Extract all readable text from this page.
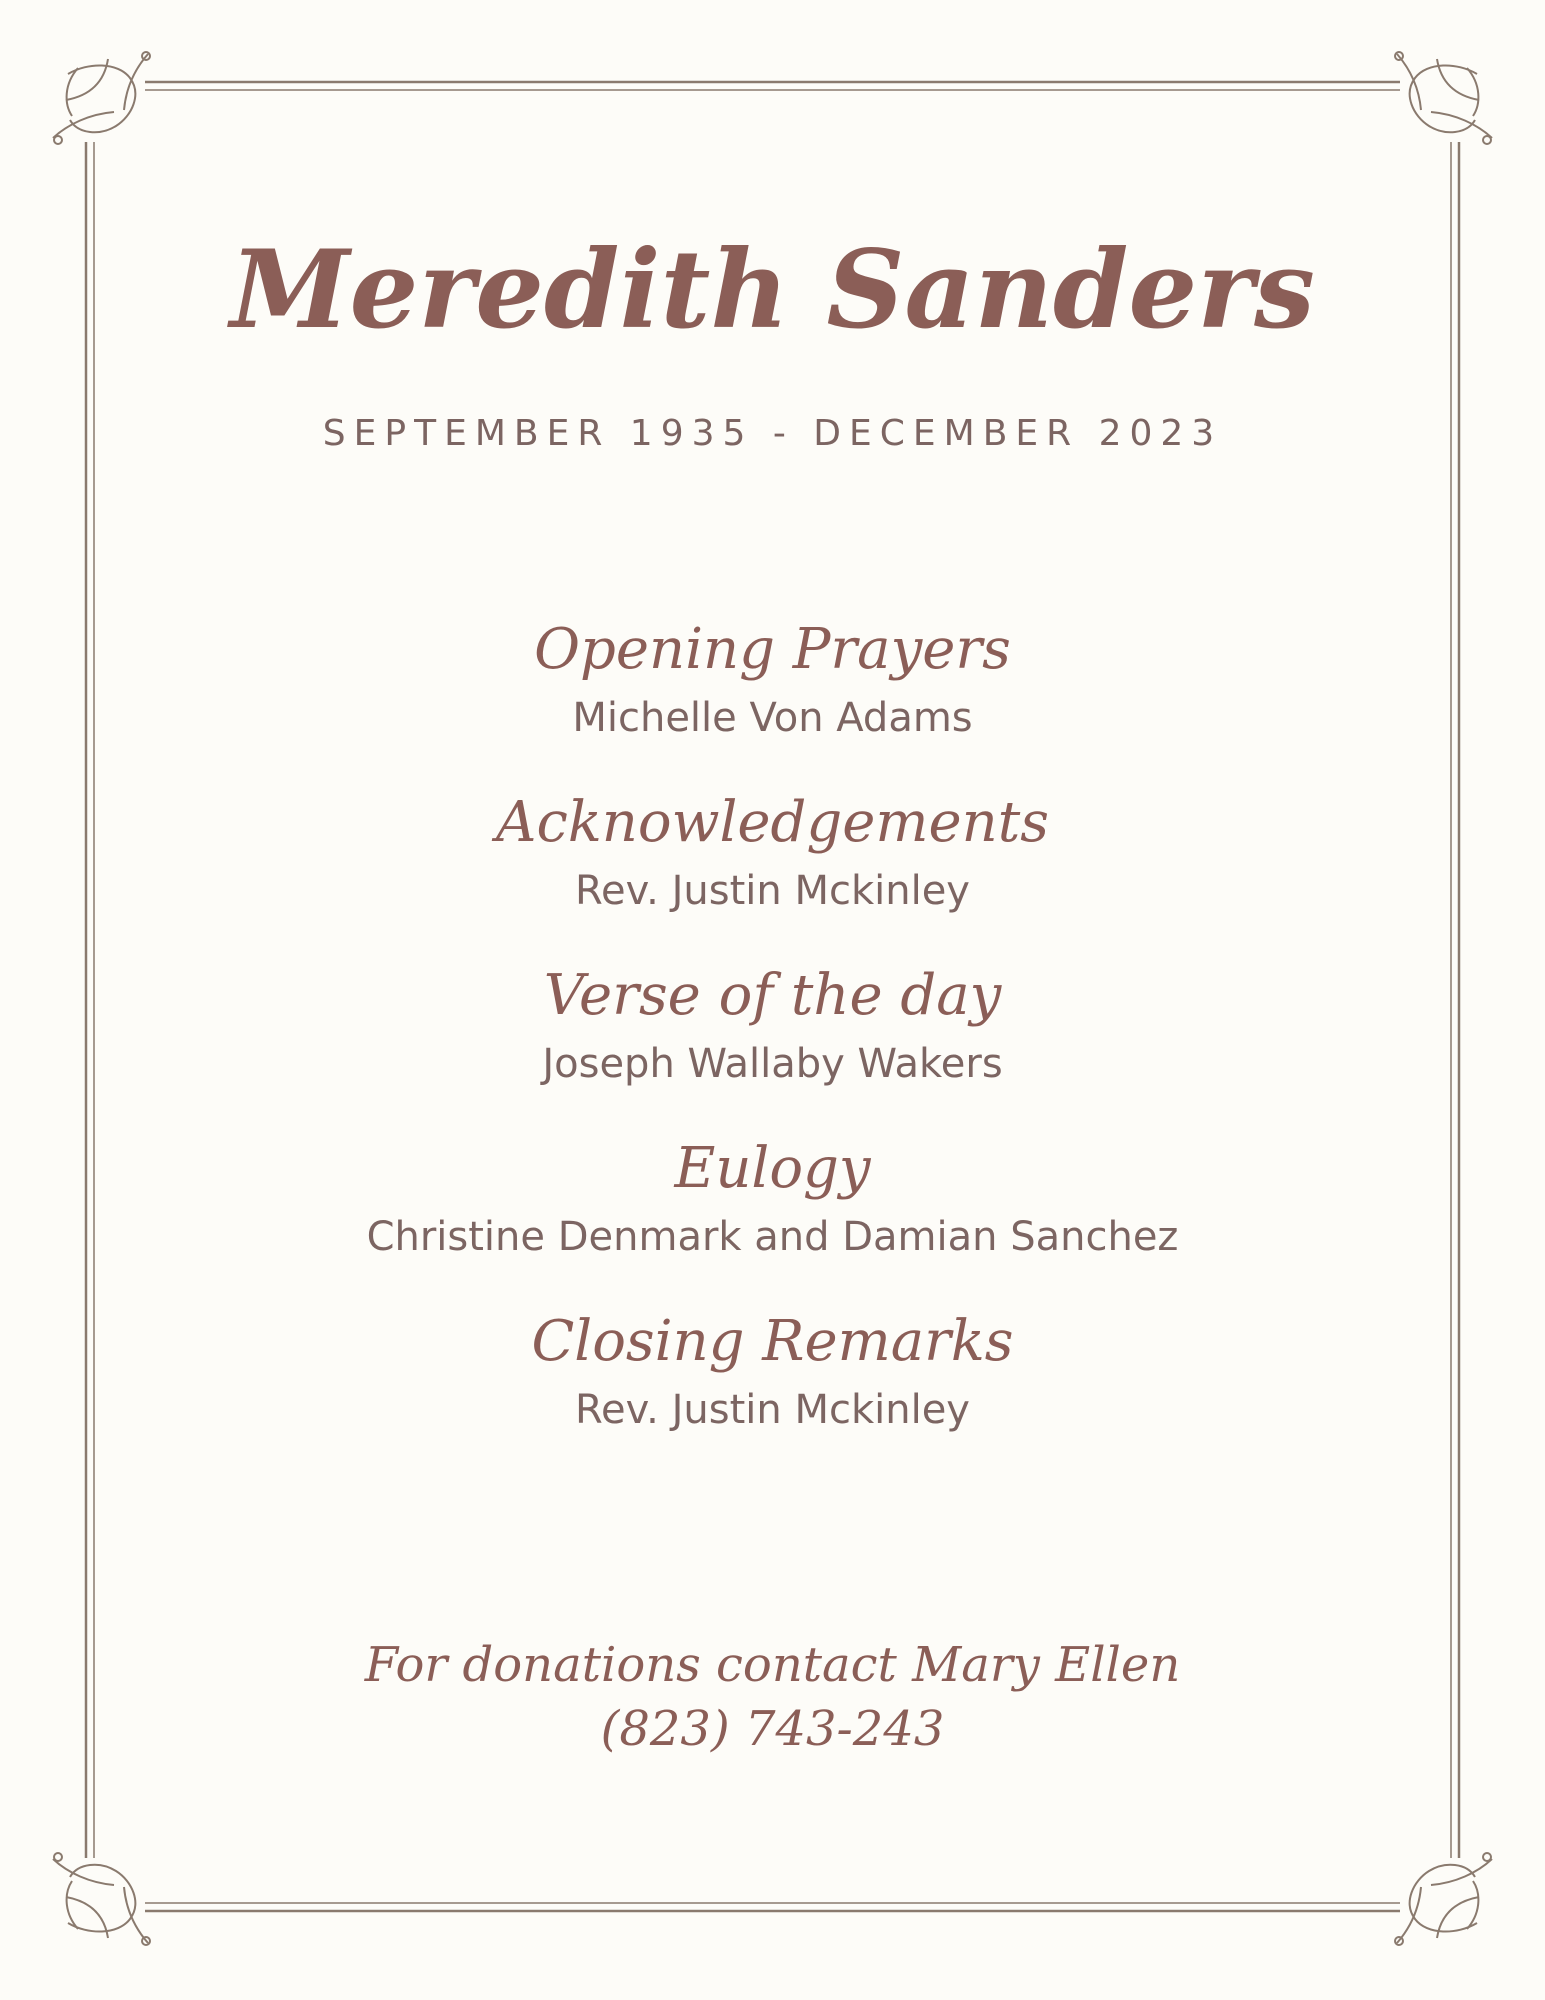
Meredith Sanders

SEPTEMBER 1935 - DECEMBER 2023

Opening Prayers
Michelle Von Adams
Acknowledgements
Rev. Justin Mckinley
Verse of the day
Joseph Wallaby Wakers
Eulogy
Christine Denmark and Damian Sanchez
Closing Remarks
Rev. Justin Mckinley
For donations contact Mary Ellen
(823) 743-243
